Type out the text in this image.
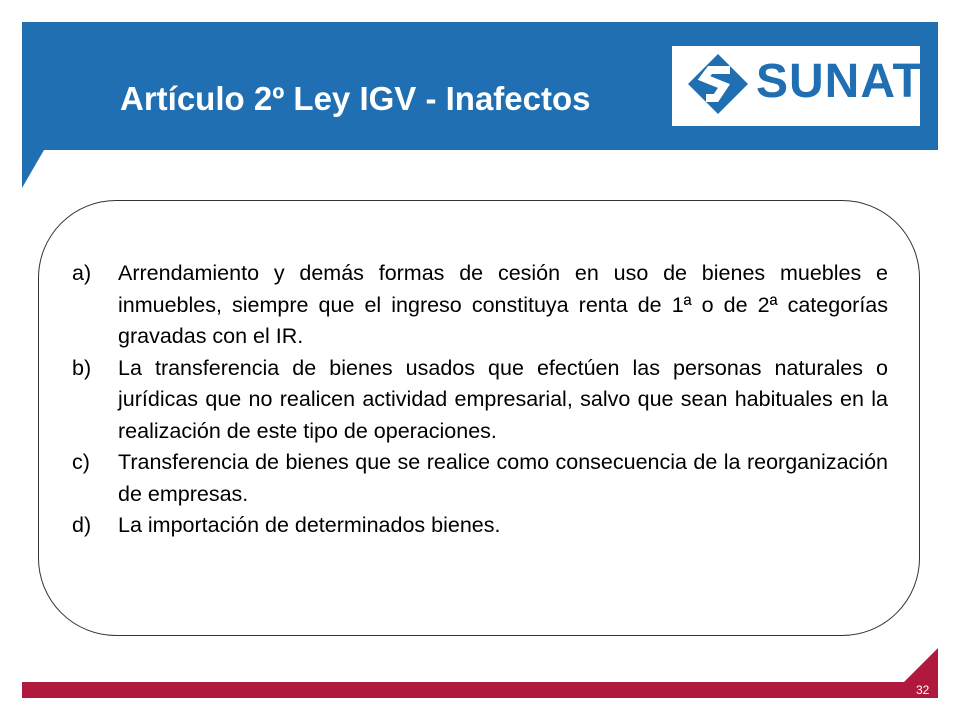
Artículo 2º Ley IGV - Inafectos	SUNAT
a) Arrendamiento y demás formas de cesión en uso de bienes muebles e inmuebles, siempre que el ingreso constituya renta de 1ª o de 2ª categorías gravadas con el IR.
b) La transferencia de bienes usados que efectúen las personas naturales o jurídicas que no realicen actividad empresarial, salvo que sean habituales en la realización de este tipo de operaciones.
c) Transferencia de bienes que se realice como consecuencia de la reorganización de empresas.
d) La importación de determinados bienes.
32
